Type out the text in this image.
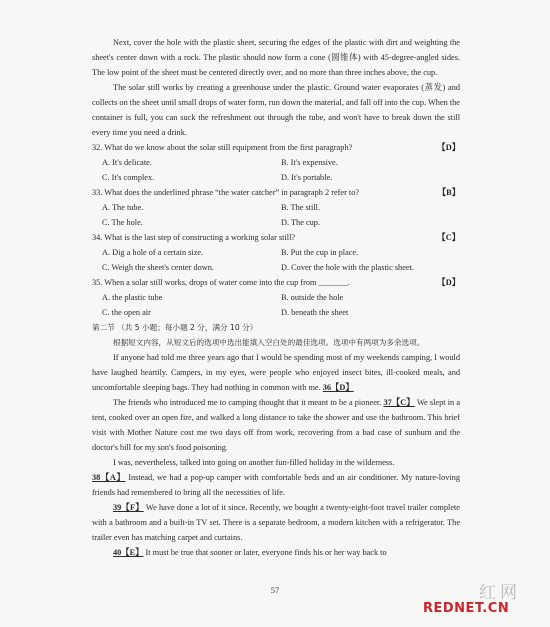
Next, cover the hole with the plastic sheet, securing the edges of the plastic with dirt and weighting the sheet's center down with a rock. The plastic should now form a cone (圆锥体) with 45-degree-angled sides. The low point of the sheet must be centered directly over, and no more than three inches above, the cup.

The solar still works by creating a greenhouse under the plastic. Ground water evaporates (蒸发) and collects on the sheet until small drops of water form, run down the material, and fall off into the cup. When the container is full, you can suck the refreshment out through the tube, and won't have to break down the still every time you need a drink.

32. What do we know about the solar still equipment from the first paragraph?	【D】
A. It's delicate.	B. It's expensive.
C. It's complex.	D. It's portable.
33. What does the underlined phrase “the water catcher” in paragraph 2 refer to?	【B】
A. The tube.	B. The still.
C. The hole.	D. The cup.
34. What is the last step of constructing a working solar still?	【C】
A. Dig a hole of a certain size.	B. Put the cup in place.
C. Weigh the sheet's center down.	D. Cover the hole with the plastic sheet.
35. When a solar still works, drops of water come into the cup from _______.	【D】
A. the plastic tube	B. outside the hole
C. the open air	D. beneath the sheet

第二节 （共 5 小题；每小题 2 分，满分 10 分）

根据短文内容，从短文后的选项中选出能填入空白处的最佳选项。选项中有两项为多余选项。

If anyone had told me three years ago that I would be spending most of my weekends camping, I would have laughed heartily. Campers, in my eyes, were people who enjoyed insect bites, ill-cooked meals, and uncomfortable sleeping bags. They had nothing in common with me. 36【D】

The friends who introduced me to camping thought that it meant to be a pioneer. 37【C】 We slept in a tent, cooked over an open fire, and walked a long distance to take the shower and use the bathroom. This brief visit with Mother Nature cost me two days off from work, recovering from a bad case of sunburn and the doctor's bill for my son's food poisoning.

I was, nevertheless, talked into going on another fun-filled holiday in the wilderness.

38【A】 Instead, we had a pop-up camper with comfortable beds and an air conditioner. My nature-loving friends had remembered to bring all the necessities of life.

39【F】 We have done a lot of it since. Recently, we bought a twenty-eight-foot travel trailer complete with a bathroom and a built-in TV set. There is a separate bedroom, a modern kitchen with a refrigerator. The trailer even has matching carpet and curtains.

40【E】 It must be true that sooner or later, everyone finds his or her way back to

57	红网
REDNET.CN
